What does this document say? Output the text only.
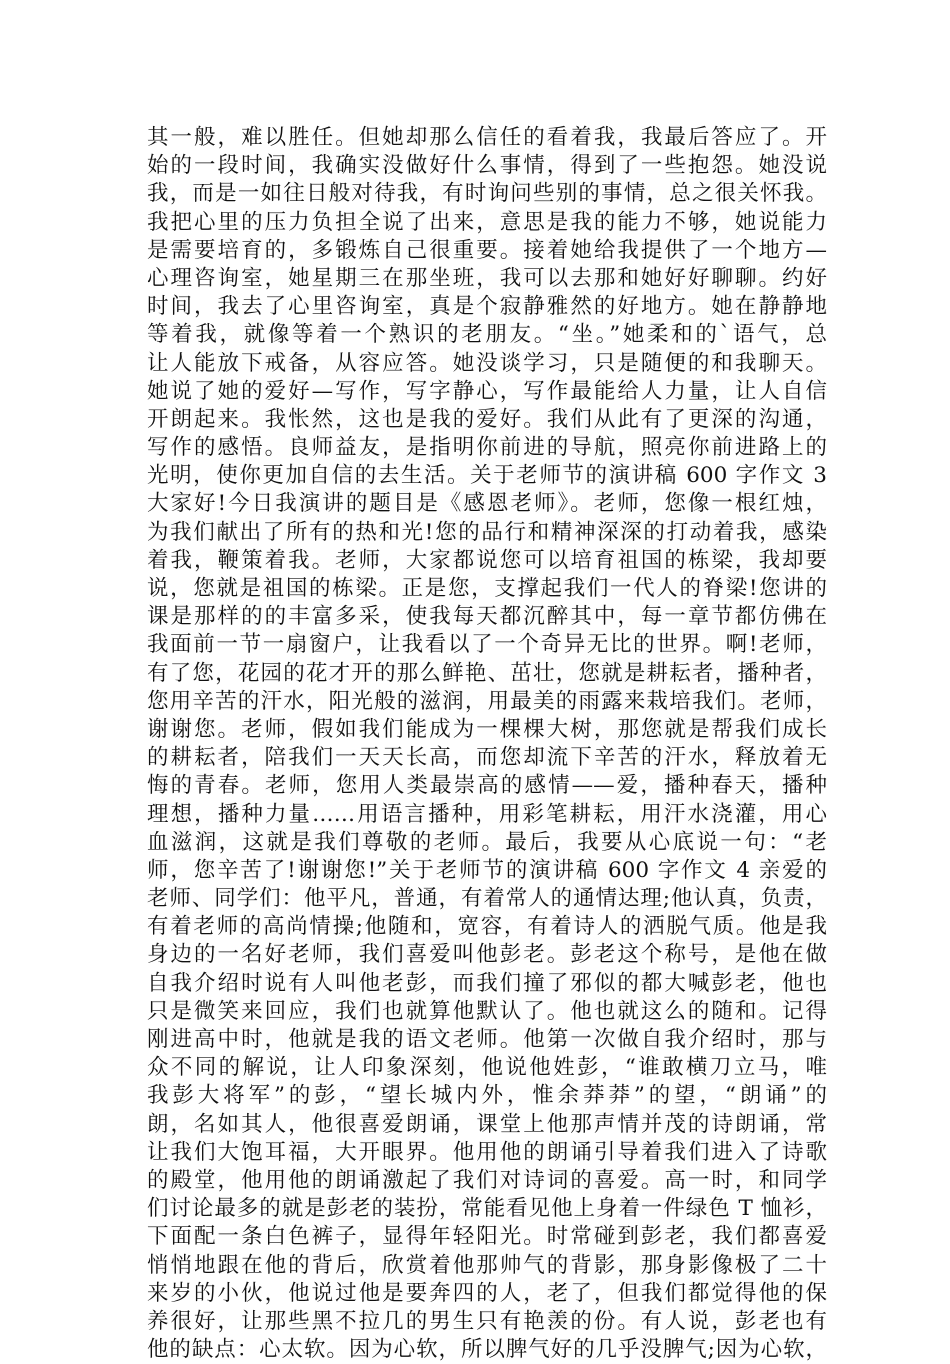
其一般，难以胜任。但她却那么信任的看着我，我最后答应了。开
始的一段时间，我确实没做好什么事情，得到了一些抱怨。她没说
我，而是一如往日般对待我，有时询问些别的事情，总之很关怀我。
我把心里的压力负担全说了出来，意思是我的能力不够，她说能力
是需要培育的，多锻炼自己很重要。接着她给我提供了一个地方—
心理咨询室，她星期三在那坐班，我可以去那和她好好聊聊。约好
时间，我去了心里咨询室，真是个寂静雅然的好地方。她在静静地
等着我，就像等着一个熟识的老朋友。“坐。”她柔和的`语气，总
让人能放下戒备，从容应答。她没谈学习，只是随便的和我聊天。
她说了她的爱好—写作，写字静心，写作最能给人力量，让人自信
开朗起来。我怅然，这也是我的爱好。我们从此有了更深的沟通，
写作的感悟。良师益友，是指明你前进的导航，照亮你前进路上的
光明，使你更加自信的去生活。关于老师节的演讲稿 600 字作文 3
大家好!今日我演讲的题目是《感恩老师》。老师，您像一根红烛，
为我们献出了所有的热和光!您的品行和精神深深的打动着我，感染
着我，鞭策着我。老师，大家都说您可以培育祖国的栋梁，我却要
说，您就是祖国的栋梁。正是您，支撑起我们一代人的脊梁!您讲的
课是那样的的丰富多采，使我每天都沉醉其中，每一章节都仿佛在
我面前一节一扇窗户，让我看以了一个奇异无比的世界。啊!老师，
有了您，花园的花才开的那么鲜艳、茁壮，您就是耕耘者，播种者，
您用辛苦的汗水，阳光般的滋润，用最美的雨露来栽培我们。老师，
谢谢您。老师，假如我们能成为一棵棵大树，那您就是帮我们成长
的耕耘者，陪我们一天天长高，而您却流下辛苦的汗水，释放着无
悔的青春。老师，您用人类最崇高的感情——爱，播种春天，播种
理想，播种力量……用语言播种，用彩笔耕耘，用汗水浇灌，用心
血滋润，这就是我们尊敬的老师。最后，我要从心底说一句：“老
师，您辛苦了!谢谢您!”关于老师节的演讲稿 600 字作文 4 亲爱的
老师、同学们：他平凡，普通，有着常人的通情达理;他认真，负责，
有着老师的高尚情操;他随和，宽容，有着诗人的洒脱气质。他是我
身边的一名好老师，我们喜爱叫他彭老。彭老这个称号，是他在做
自我介绍时说有人叫他老彭，而我们撞了邪似的都大喊彭老，他也
只是微笑来回应，我们也就算他默认了。他也就这么的随和。记得
刚进高中时，他就是我的语文老师。他第一次做自我介绍时，那与
众不同的解说，让人印象深刻，他说他姓彭，“谁敢横刀立马，唯
我彭大将军”的彭，“望长城内外，惟余莽莽”的望，“朗诵”的
朗，名如其人，他很喜爱朗诵，课堂上他那声情并茂的诗朗诵，常
让我们大饱耳福，大开眼界。他用他的朗诵引导着我们进入了诗歌
的殿堂，他用他的朗诵激起了我们对诗词的喜爱。高一时，和同学
们讨论最多的就是彭老的装扮，常能看见他上身着一件绿色 T 恤衫，
下面配一条白色裤子，显得年轻阳光。时常碰到彭老，我们都喜爱
悄悄地跟在他的背后，欣赏着他那帅气的背影，那身影像极了二十
来岁的小伙，他说过他是要奔四的人，老了，但我们都觉得他的保
养很好，让那些黑不拉几的男生只有艳羡的份。有人说，彭老也有
他的缺点：心太软。因为心软，所以脾气好的几乎没脾气;因为心软，
